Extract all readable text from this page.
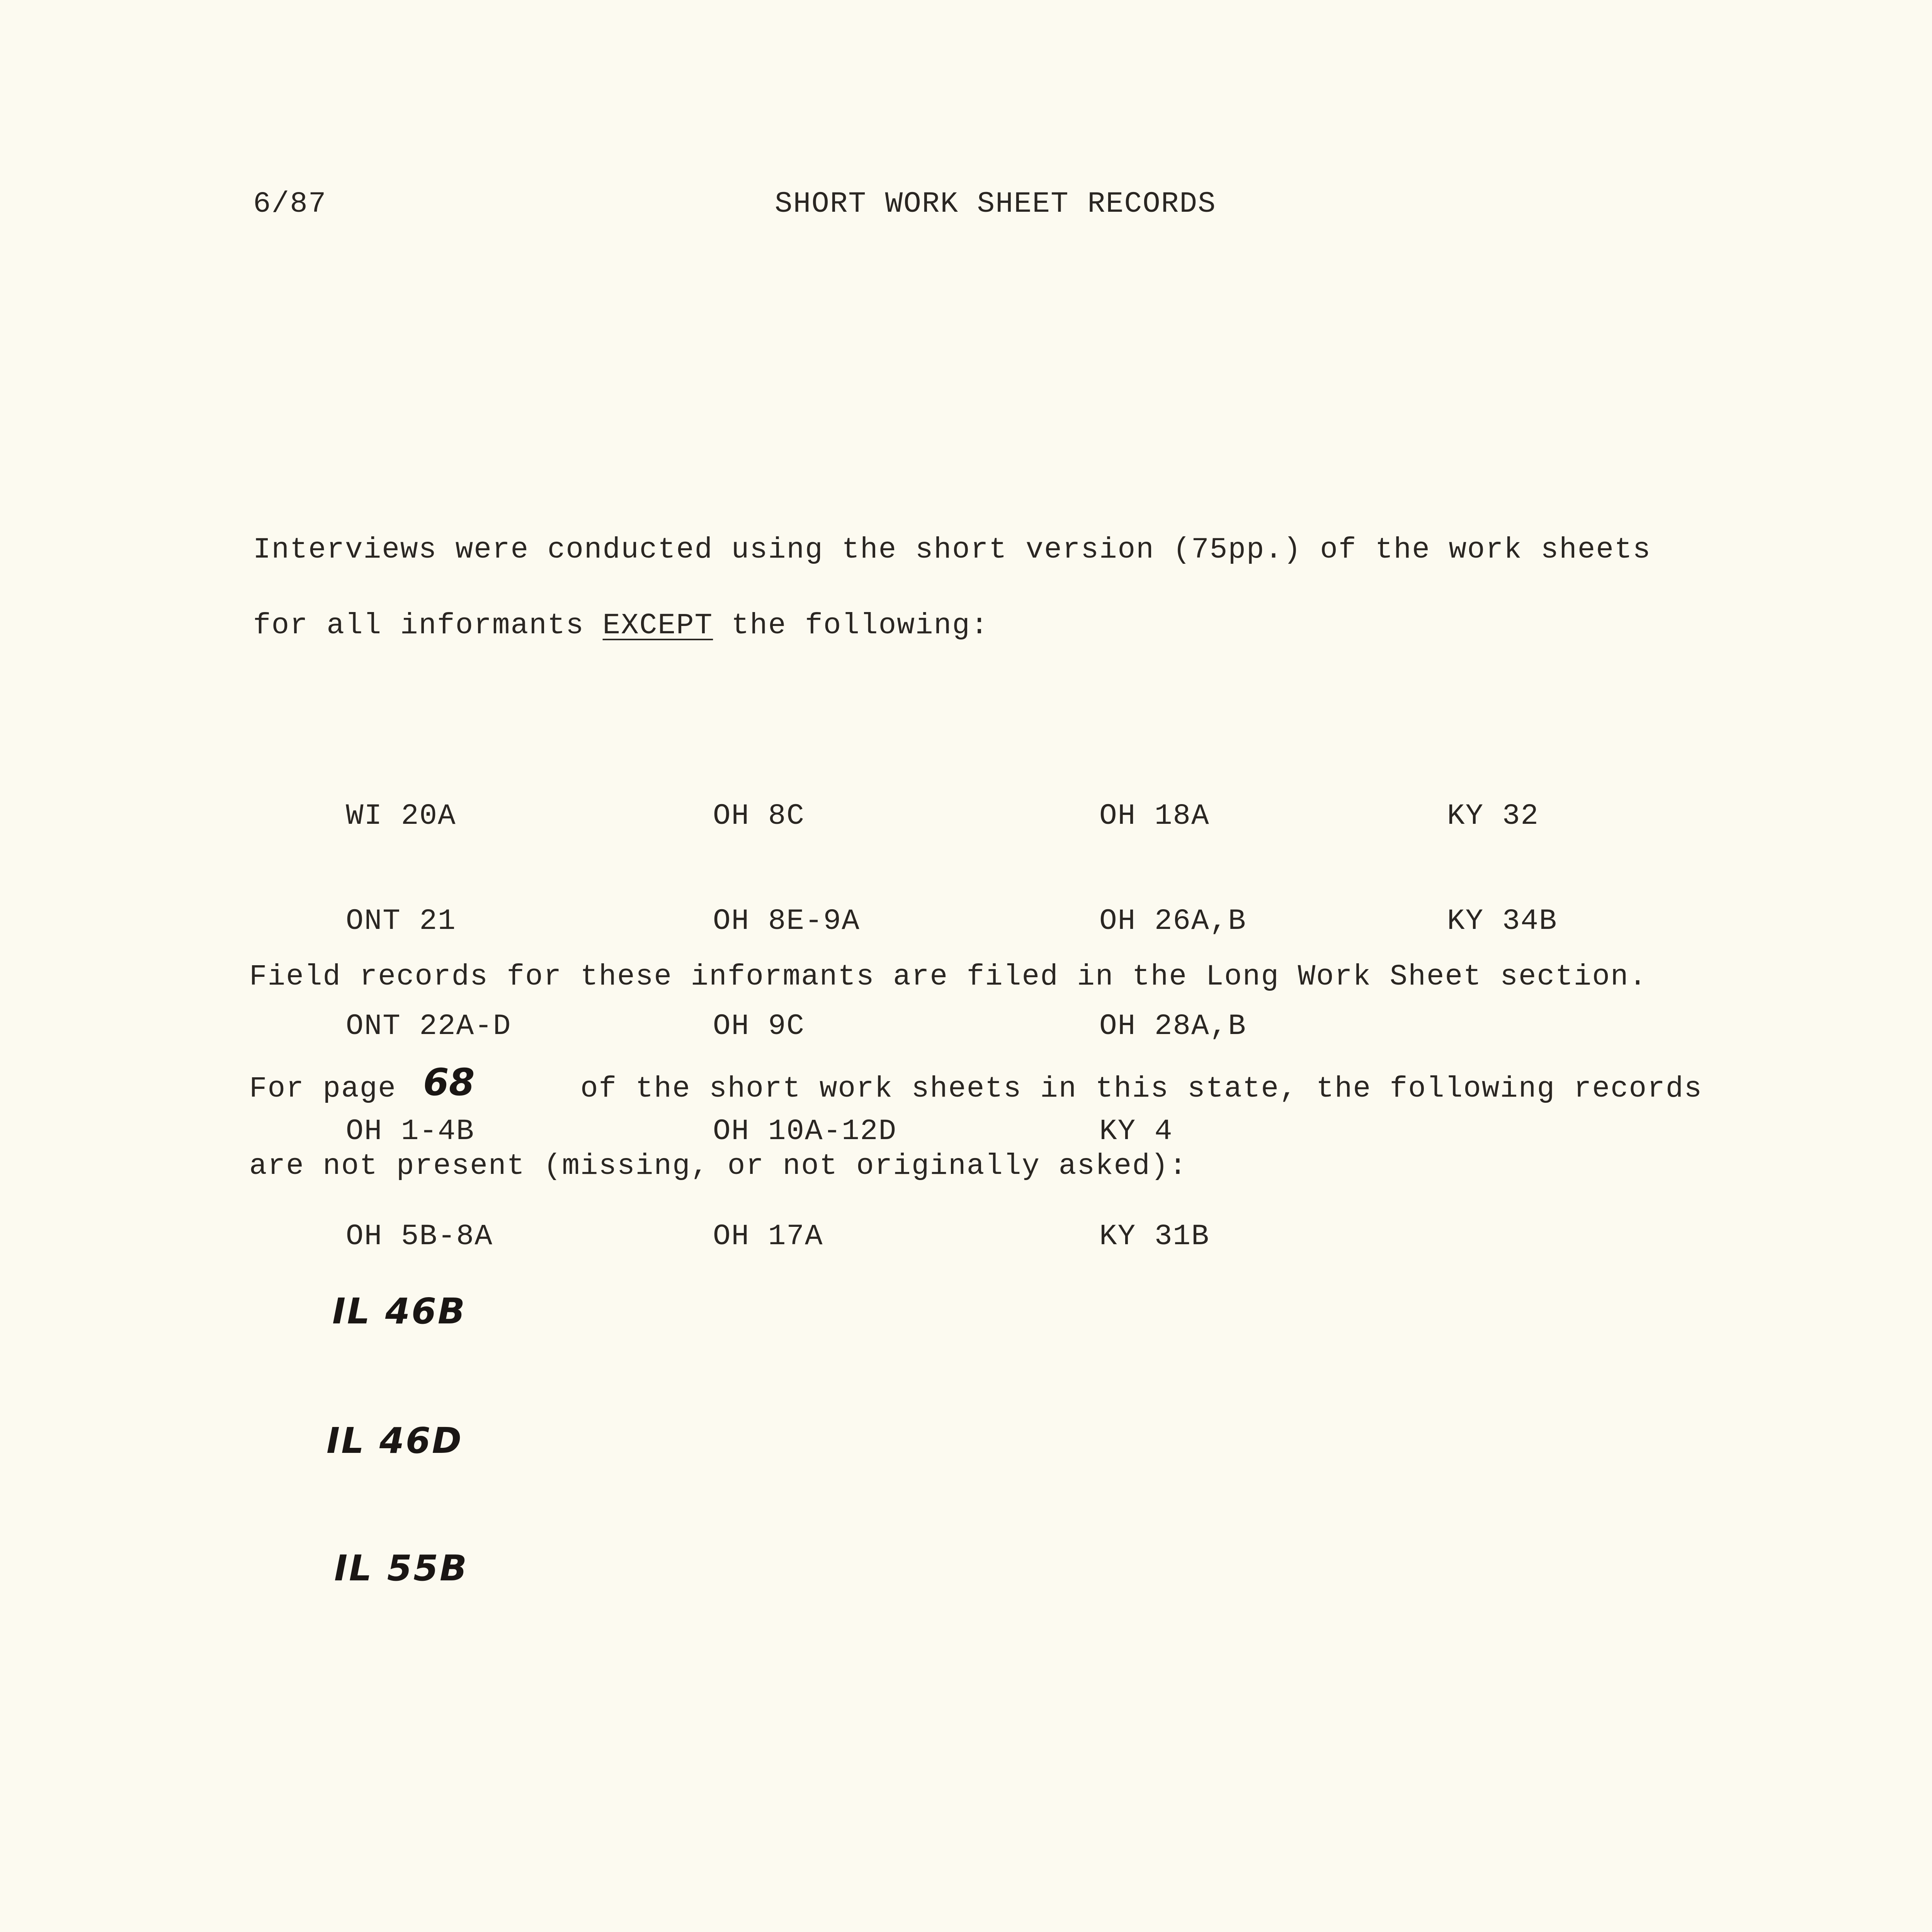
6/87	SHORT WORK SHEET RECORDS
Interviews were conducted using the short version (75pp.) of the work sheets
for all informants EXCEPT the following:

WI 20A

ONT 21

ONT 22A-D

OH 1-4B

OH 5B-8A

OH 8C

OH 8E-9A

OH 9C

OH 10A-12D

OH 17A

OH 18A

OH 26A,B

OH 28A,B

KY 4

KY 31B

KY 32

KY 34B

Field records for these informants are filed in the Long Work Sheet section.
For page	of the short work sheets in this state, the following records
68
are not present (missing, or not originally asked):
IL 46B
IL 46D
IL 55B
